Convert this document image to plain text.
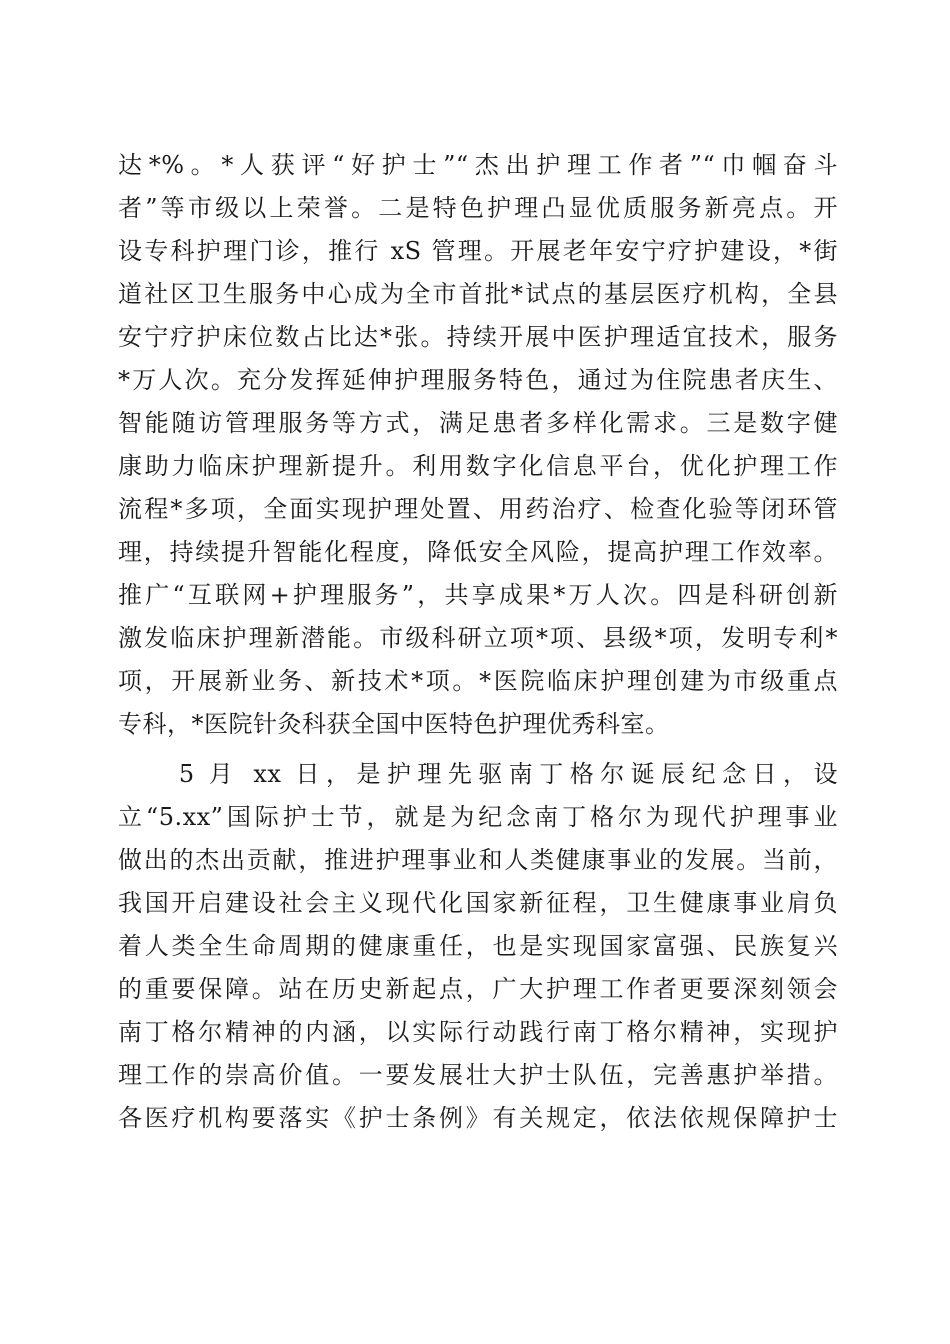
达*%。*人获评“好护士”“杰出护理工作者”“巾帼奋斗
者”等市级以上荣誉。二是特色护理凸显优质服务新亮点。开
设专科护理门诊，推行 xS 管理。开展老年安宁疗护建设，*街
道社区卫生服务中心成为全市首批*试点的基层医疗机构，全县
安宁疗护床位数占比达*张。持续开展中医护理适宜技术，服务
*万人次。充分发挥延伸护理服务特色，通过为住院患者庆生、
智能随访管理服务等方式，满足患者多样化需求。三是数字健
康助力临床护理新提升。利用数字化信息平台，优化护理工作
流程*多项，全面实现护理处置、用药治疗、检查化验等闭环管
理，持续提升智能化程度，降低安全风险，提高护理工作效率。
推广“互联网+护理服务”，共享成果*万人次。四是科研创新
激发临床护理新潜能。市级科研立项*项、县级*项，发明专利*
项，开展新业务、新技术*项。*医院临床护理创建为市级重点
专科，*医院针灸科获全国中医特色护理优秀科室。
　　5 月 xx 日，是护理先驱南丁格尔诞辰纪念日，设
立“5.xx”国际护士节，就是为纪念南丁格尔为现代护理事业
做出的杰出贡献，推进护理事业和人类健康事业的发展。当前，
我国开启建设社会主义现代化国家新征程，卫生健康事业肩负
着人类全生命周期的健康重任，也是实现国家富强、民族复兴
的重要保障。站在历史新起点，广大护理工作者更要深刻领会
南丁格尔精神的内涵，以实际行动践行南丁格尔精神，实现护
理工作的崇高价值。一要发展壮大护士队伍，完善惠护举措。
各医疗机构要落实《护士条例》有关规定，依法依规保障护士
